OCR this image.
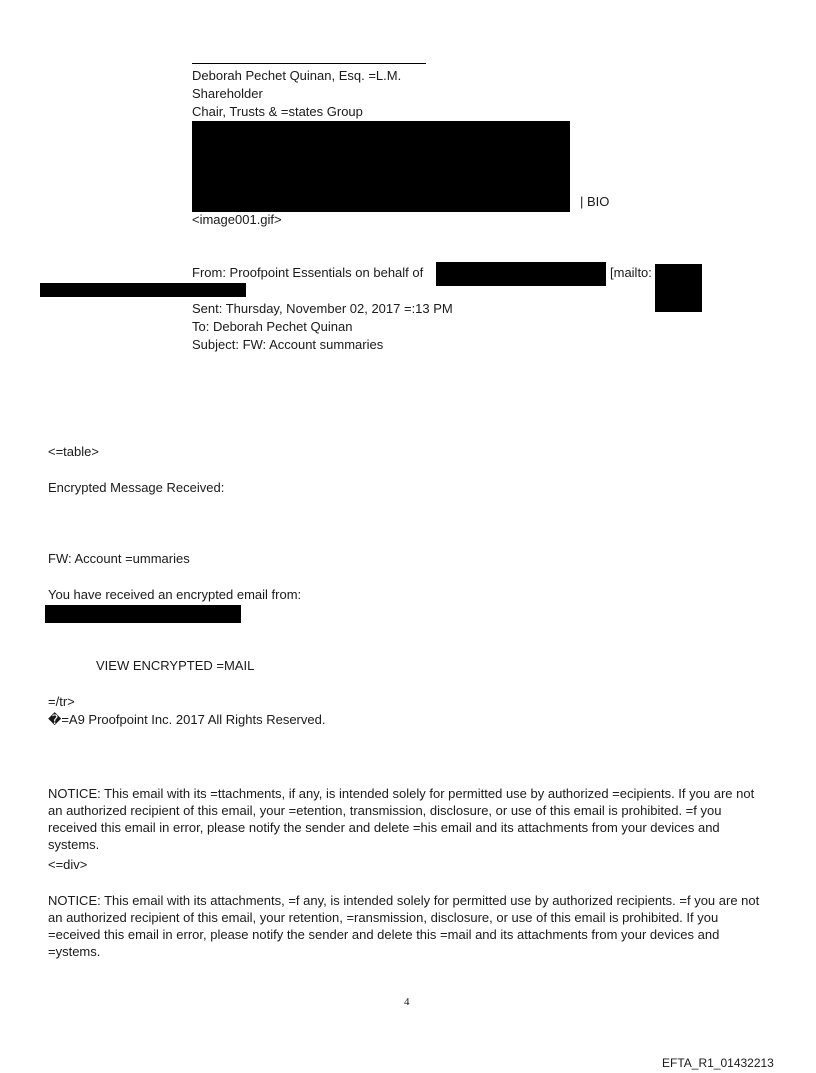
Deborah Pechet Quinan, Esq. =L.M.
Shareholder
Chair, Trusts & =states Group
| BIO
<image001.gif>
From: Proofpoint Essentials on behalf of	[mailto:
Sent: Thursday, November 02, 2017 =:13 PM
To: Deborah Pechet Quinan
Subject: FW: Account summaries
<=table>
Encrypted Message Received:
FW: Account =ummaries
You have received an encrypted email from:
VIEW ENCRYPTED =MAIL
=/tr>
�=A9 Proofpoint Inc. 2017 All Rights Reserved.
NOTICE: This email with its =ttachments, if any, is intended solely for permitted use by authorized =ecipients. If you are not an authorized recipient of this email, your =etention, transmission, disclosure, or use of this email is prohibited. =f you received this email in error, please notify the sender and delete =his email and its attachments from your devices and systems.
<=div>
NOTICE: This email with its attachments, =f any, is intended solely for permitted use by authorized recipients. =f you are not an authorized recipient of this email, your retention, =ransmission, disclosure, or use of this email is prohibited. If you =eceived this email in error, please notify the sender and delete this =mail and its attachments from your devices and =ystems.
4
EFTA_R1_01432213
